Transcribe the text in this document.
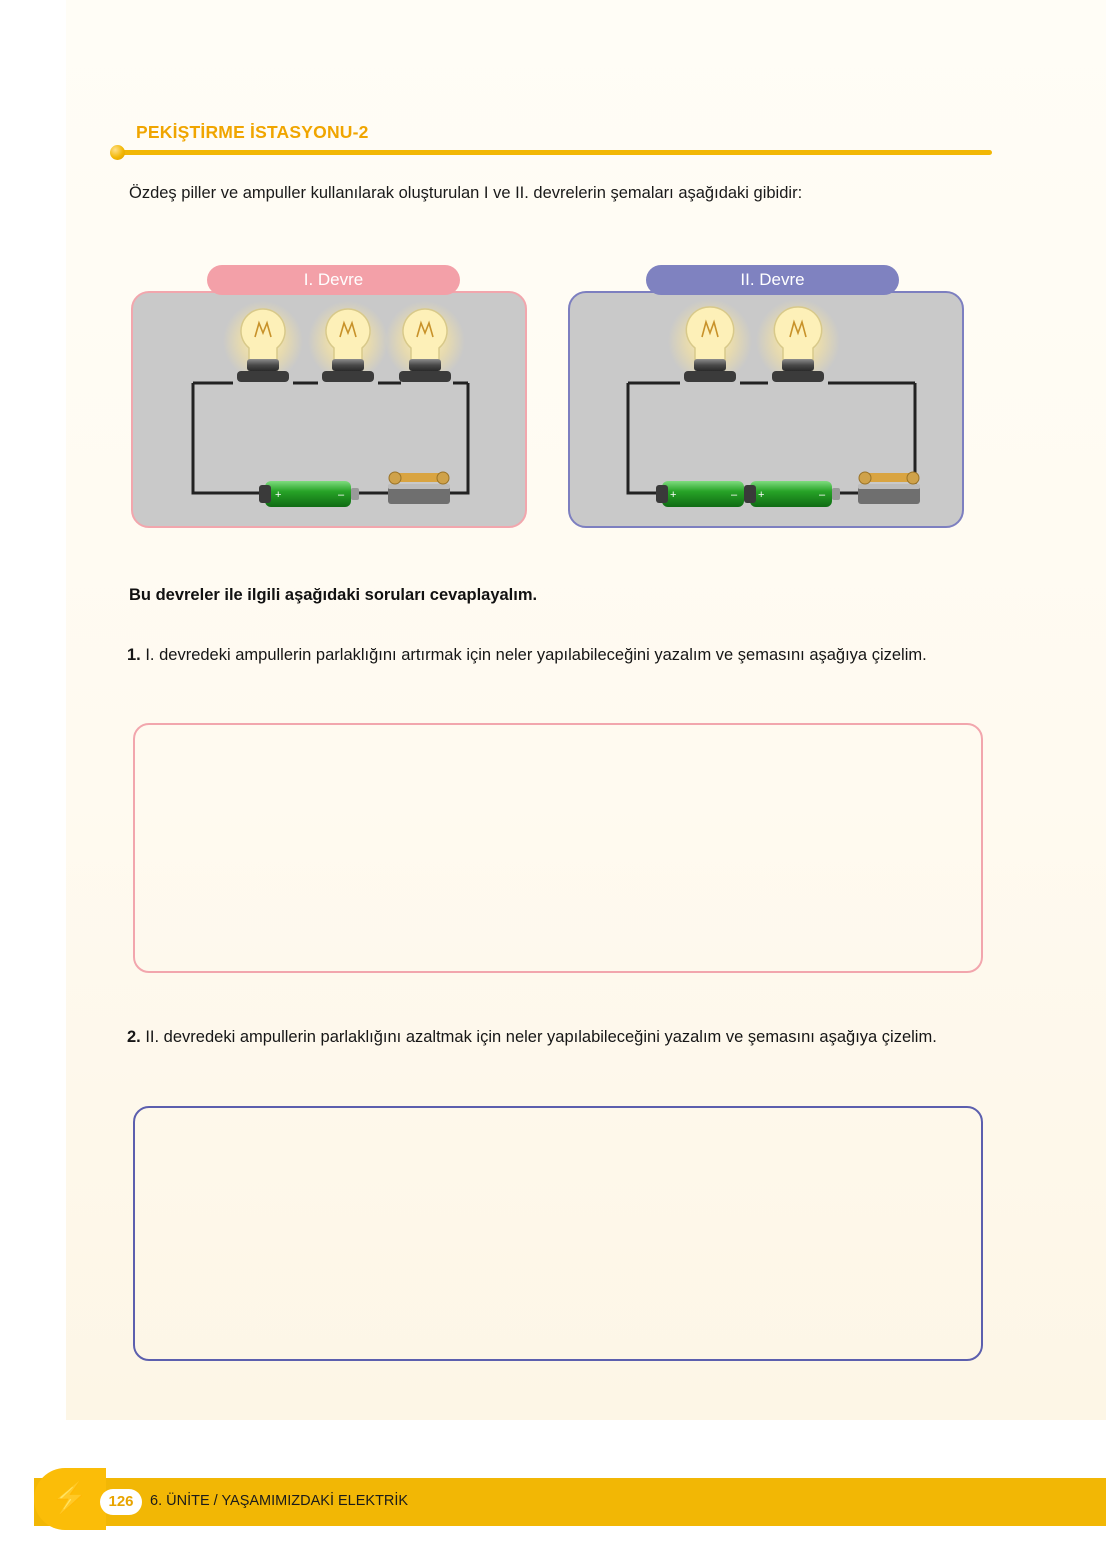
PEKİŞTİRME İSTASYONU-2
Özdeş piller ve ampuller kullanılarak oluşturulan I ve II. devrelerin şemaları aşağıdaki gibidir:
I. Devre
+	–
II. Devre
+	– +	–
Bu devreler ile ilgili aşağıdaki soruları cevaplayalım.
1. I. devredeki ampullerin parlaklığını artırmak için neler yapılabileceğini yazalım ve şemasını aşağıya çizelim.
2. II. devredeki ampullerin parlaklığını azaltmak için neler yapılabileceğini yazalım ve şemasını aşağıya çizelim.
⚡	126	6. ÜNİTE / YAŞAMIMIZDAKİ ELEKTRİK
